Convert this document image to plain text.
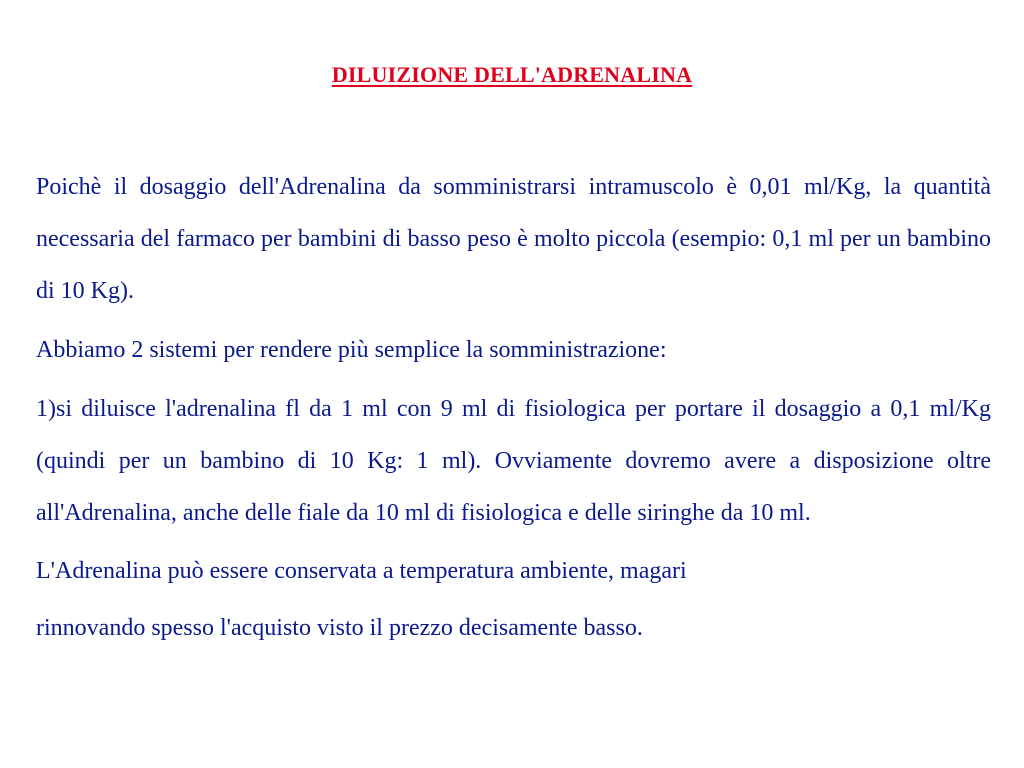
DILUIZIONE DELL'ADRENALINA

Poichè il dosaggio dell'Adrenalina da somministrarsi intramuscolo è 0,01 ml/Kg, la quantità necessaria del farmaco per bambini di basso peso è molto piccola (esempio: 0,1 ml per un bambino di 10 Kg).

Abbiamo 2 sistemi per rendere più semplice la somministrazione:

1)si diluisce l'adrenalina fl da 1 ml con 9 ml di fisiologica per portare il dosaggio a 0,1 ml/Kg (quindi per un bambino di 10 Kg: 1 ml). Ovviamente dovremo avere a disposizione oltre all'Adrenalina, anche delle fiale da 10 ml di fisiologica e delle siringhe da 10 ml.

L'Adrenalina può essere conservata a temperatura ambiente, magari

rinnovando spesso l'acquisto visto il prezzo decisamente basso.
